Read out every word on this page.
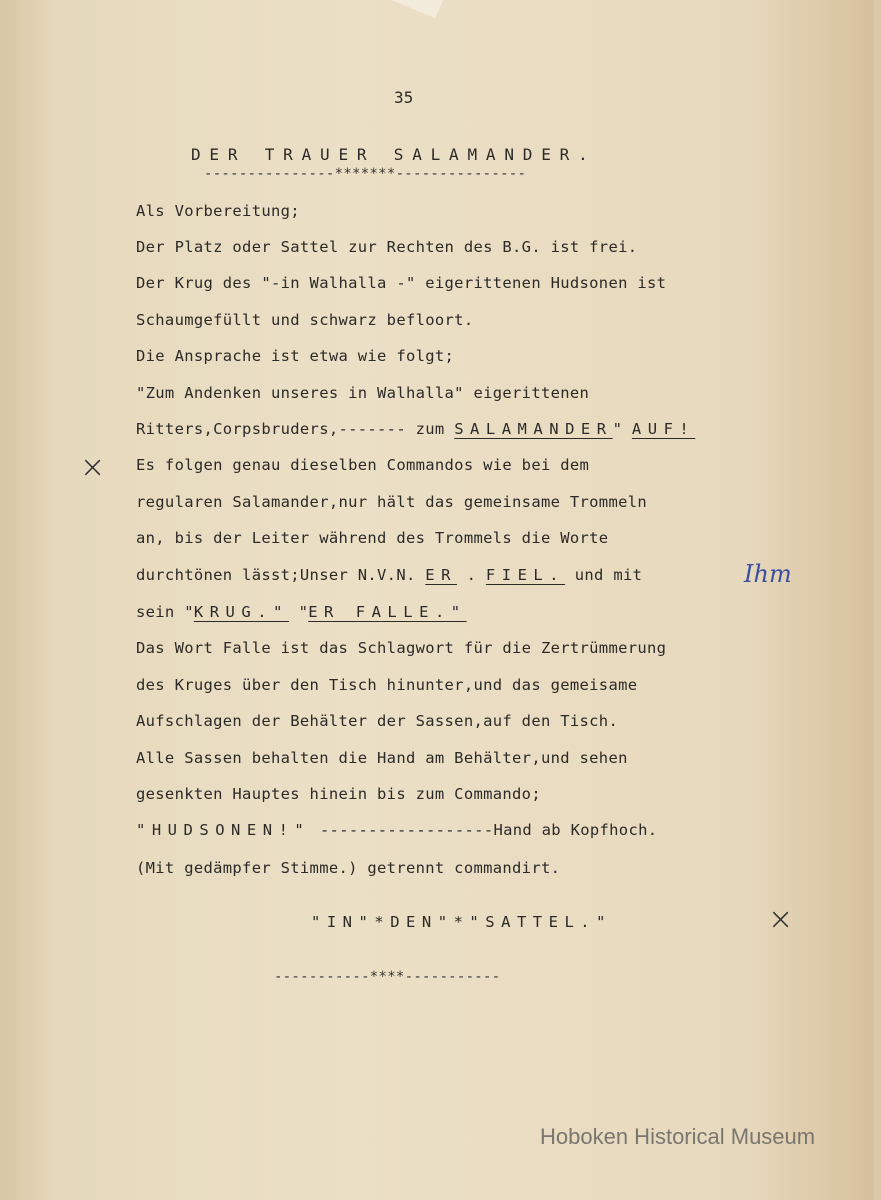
35
DER TRAUER SALAMANDER.
---------------*******---------------
Als Vorbereitung;
Der Platz oder Sattel zur Rechten des B.G. ist frei.
Der Krug des "-in Walhalla -" eigerittenen Hudsonen ist
Schaumgefüllt und schwarz befloort.
Die Ansprache ist etwa wie folgt;
"Zum Andenken unseres in Walhalla" eigerittenen
Ritters,Corpsbruders,------- zum SALAMANDER" AUF!
Es folgen genau dieselben Commandos wie bei dem
regularen Salamander,nur hält das gemeinsame Trommeln
an, bis der Leiter während des Trommels die Worte
durchtönen lässt;Unser N.V.N. ER . FIEL. und mit
sein "KRUG." "ER FALLE."
Das Wort Falle ist das Schlagwort für die Zertrümmerung
des Kruges über den Tisch hinunter,und das gemeisame
Aufschlagen der Behälter der Sassen,auf den Tisch.
Alle Sassen behalten die Hand am Behälter,und sehen
gesenkten Hauptes hinein bis zum Commando;
"HUDSONEN!" ------------------Hand ab Kopfhoch.
(Mit gedämpfer Stimme.) getrennt commandirt.
"IN"*DEN"*"SATTEL."
-----------****-----------
×
×
Ihm
Hoboken Historical Museum
